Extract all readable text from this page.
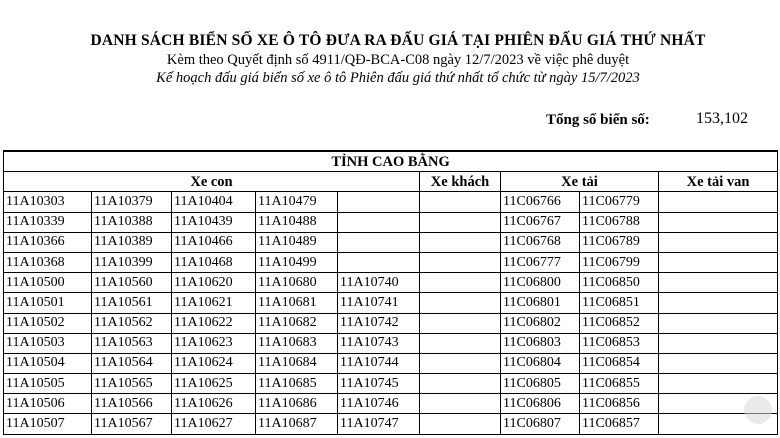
DANH SÁCH BIỂN SỐ XE Ô TÔ ĐƯA RA ĐẤU GIÁ TẠI PHIÊN ĐẤU GIÁ THỨ NHẤT
Kèm theo Quyết định số 4911/QĐ-BCA-C08 ngày 12/7/2023 về việc phê duyệt
Kế hoạch đấu giá biển số xe ô tô Phiên đấu giá thứ nhất tổ chức từ ngày 15/7/2023
Tổng số biển số:	153,102
TỈNH CAO BẰNG								
Xe con					Xe khách	Xe tải		Xe tải van
11A10303	11A10379	11A10404	11A10479			11C06766	11C06779	
11A10339	11A10388	11A10439	11A10488			11C06767	11C06788	
11A10366	11A10389	11A10466	11A10489			11C06768	11C06789	
11A10368	11A10399	11A10468	11A10499			11C06777	11C06799	
11A10500	11A10560	11A10620	11A10680	11A10740		11C06800	11C06850	
11A10501	11A10561	11A10621	11A10681	11A10741		11C06801	11C06851	
11A10502	11A10562	11A10622	11A10682	11A10742		11C06802	11C06852	
11A10503	11A10563	11A10623	11A10683	11A10743		11C06803	11C06853	
11A10504	11A10564	11A10624	11A10684	11A10744		11C06804	11C06854	
11A10505	11A10565	11A10625	11A10685	11A10745		11C06805	11C06855	
11A10506	11A10566	11A10626	11A10686	11A10746		11C06806	11C06856	
11A10507	11A10567	11A10627	11A10687	11A10747		11C06807	11C06857	
